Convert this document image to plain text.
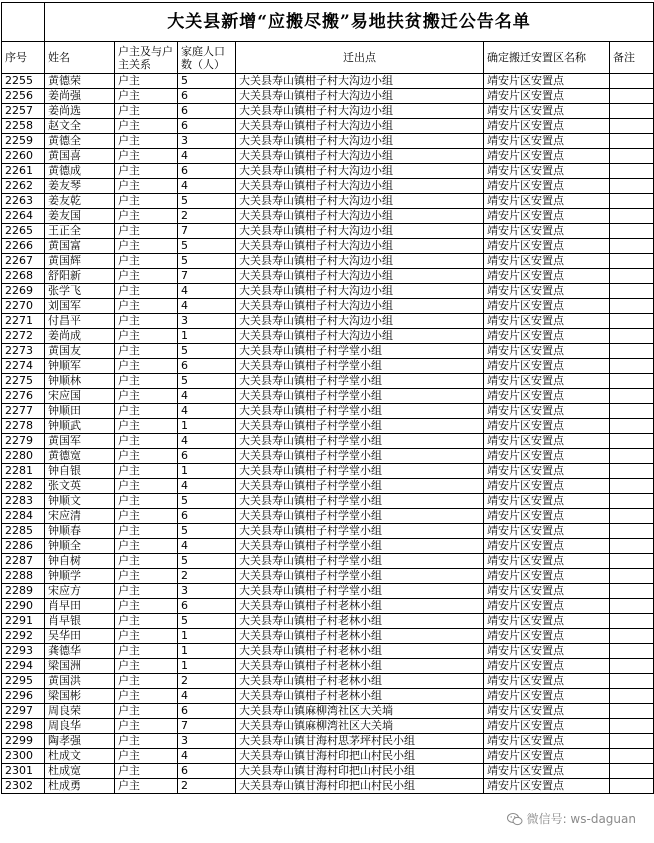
	大关县新增“应搬尽搬”易地扶贫搬迁公告名单					
序号	姓名	户主及与户主关系	家庭人口数（人）	迁出点	确定搬迁安置区名称	备注
2255	黄德荣	户主	5	大关县寿山镇柑子村大沟边小组	靖安片区安置点	
2256	姜尚强	户主	6	大关县寿山镇柑子村大沟边小组	靖安片区安置点	
2257	姜尚选	户主	6	大关县寿山镇柑子村大沟边小组	靖安片区安置点	
2258	赵文全	户主	6	大关县寿山镇柑子村大沟边小组	靖安片区安置点	
2259	黄德全	户主	3	大关县寿山镇柑子村大沟边小组	靖安片区安置点	
2260	黄国喜	户主	4	大关县寿山镇柑子村大沟边小组	靖安片区安置点	
2261	黄德成	户主	6	大关县寿山镇柑子村大沟边小组	靖安片区安置点	
2262	姜友琴	户主	4	大关县寿山镇柑子村大沟边小组	靖安片区安置点	
2263	姜友乾	户主	5	大关县寿山镇柑子村大沟边小组	靖安片区安置点	
2264	姜友国	户主	2	大关县寿山镇柑子村大沟边小组	靖安片区安置点	
2265	王正全	户主	7	大关县寿山镇柑子村大沟边小组	靖安片区安置点	
2266	黄国富	户主	5	大关县寿山镇柑子村大沟边小组	靖安片区安置点	
2267	黄国辉	户主	5	大关县寿山镇柑子村大沟边小组	靖安片区安置点	
2268	舒阳新	户主	7	大关县寿山镇柑子村大沟边小组	靖安片区安置点	
2269	张学飞	户主	4	大关县寿山镇柑子村大沟边小组	靖安片区安置点	
2270	刘国军	户主	4	大关县寿山镇柑子村大沟边小组	靖安片区安置点	
2271	付昌平	户主	3	大关县寿山镇柑子村大沟边小组	靖安片区安置点	
2272	姜尚成	户主	1	大关县寿山镇柑子村大沟边小组	靖安片区安置点	
2273	黄国友	户主	5	大关县寿山镇柑子村学堂小组	靖安片区安置点	
2274	钟顺军	户主	6	大关县寿山镇柑子村学堂小组	靖安片区安置点	
2275	钟顺林	户主	5	大关县寿山镇柑子村学堂小组	靖安片区安置点	
2276	宋应国	户主	4	大关县寿山镇柑子村学堂小组	靖安片区安置点	
2277	钟顺田	户主	4	大关县寿山镇柑子村学堂小组	靖安片区安置点	
2278	钟顺武	户主	1	大关县寿山镇柑子村学堂小组	靖安片区安置点	
2279	黄国军	户主	4	大关县寿山镇柑子村学堂小组	靖安片区安置点	
2280	黄德宽	户主	6	大关县寿山镇柑子村学堂小组	靖安片区安置点	
2281	钟自银	户主	1	大关县寿山镇柑子村学堂小组	靖安片区安置点	
2282	张文英	户主	4	大关县寿山镇柑子村学堂小组	靖安片区安置点	
2283	钟顺文	户主	5	大关县寿山镇柑子村学堂小组	靖安片区安置点	
2284	宋应清	户主	6	大关县寿山镇柑子村学堂小组	靖安片区安置点	
2285	钟顺春	户主	5	大关县寿山镇柑子村学堂小组	靖安片区安置点	
2286	钟顺全	户主	4	大关县寿山镇柑子村学堂小组	靖安片区安置点	
2287	钟自树	户主	5	大关县寿山镇柑子村学堂小组	靖安片区安置点	
2288	钟顺学	户主	2	大关县寿山镇柑子村学堂小组	靖安片区安置点	
2289	宋应方	户主	3	大关县寿山镇柑子村学堂小组	靖安片区安置点	
2290	肖早田	户主	6	大关县寿山镇柑子村老林小组	靖安片区安置点	
2291	肖早银	户主	5	大关县寿山镇柑子村老林小组	靖安片区安置点	
2292	吴华田	户主	1	大关县寿山镇柑子村老林小组	靖安片区安置点	
2293	龚德华	户主	1	大关县寿山镇柑子村老林小组	靖安片区安置点	
2294	梁国洲	户主	1	大关县寿山镇柑子村老林小组	靖安片区安置点	
2295	黄国洪	户主	2	大关县寿山镇柑子村老林小组	靖安片区安置点	
2296	梁国彬	户主	4	大关县寿山镇柑子村老林小组	靖安片区安置点	
2297	周良荣	户主	6	大关县寿山镇麻柳湾社区大关埫	靖安片区安置点	
2298	周良华	户主	7	大关县寿山镇麻柳湾社区大关埫	靖安片区安置点	
2299	陶孝强	户主	3	大关县寿山镇甘海村思茅坪村民小组	靖安片区安置点	
2300	杜成文	户主	4	大关县寿山镇甘海村印把山村民小组	靖安片区安置点	
2301	杜成宽	户主	6	大关县寿山镇甘海村印把山村民小组	靖安片区安置点	
2302	杜成勇	户主	2	大关县寿山镇甘海村印把山村民小组	靖安片区安置点	
微信号: ws-daguan
